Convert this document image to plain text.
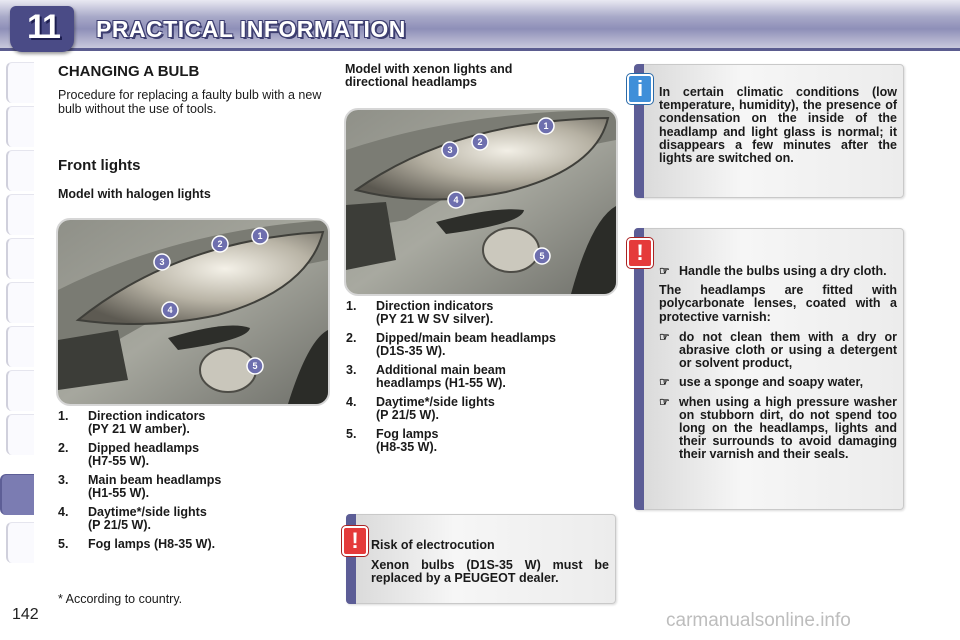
11	PRACTICAL INFORMATION
CHANGING A BULB
Procedure for replacing a faulty bulb with a new bulb without the use of tools.
Front lights
Model with halogen lights
1
2
3
4
5
1. Direction indicators
(PY 21 W amber).
2. Dipped headlamps
(H7-55 W).
3. Main beam headlamps
(H1-55 W).
4. Daytime*/side lights
(P 21/5 W).
5. Fog lamps (H8-35 W).
* According to country.
Model with xenon lights and directional headlamps
1
2
3
4
5
1. Direction indicators
(PY 21 W SV silver).
2. Dipped/main beam headlamps
(D1S-35 W).
3. Additional main beam
headlamps (H1-55 W).
4. Daytime*/side lights
(P 21/5 W).
5. Fog lamps
(H8-35 W).

Risk of electrocution

Xenon bulbs (D1S-35 W) must be replaced by a PEUGEOT dealer.

!
In certain climatic conditions (low temperature, humidity), the presence of condensation on the inside of the headlamp and light glass is normal; it disappears a few minutes after the lights are switched on.
i
☞ Handle the bulbs using a dry cloth.

The headlamps are fitted with polycarbonate lenses, coated with a protective varnish:

☞ do not clean them with a dry or abrasive cloth or using a detergent or solvent product,
☞ use a sponge and soapy water,
☞ when using a high pressure washer on stubborn dirt, do not spend too long on the headlamps, lights and their surrounds to avoid damaging their varnish and their seals.
!
142	carmanualsonline.info
